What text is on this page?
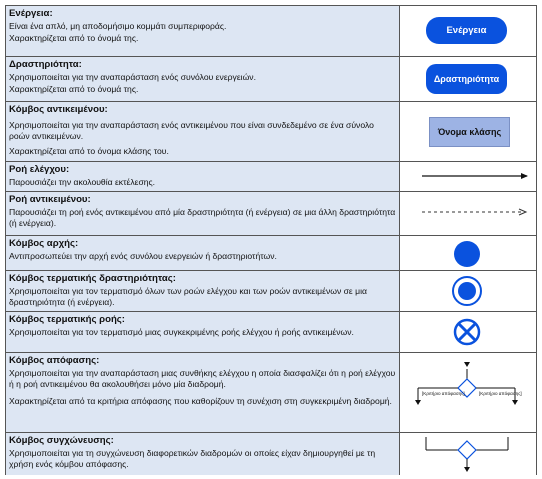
Ενέργεια:
Είναι ένα απλό, μη αποδομήσιμο κομμάτι συμπεριφοράς.
Χαρακτηρίζεται από το όνομά της.
Ενέργεια
Δραστηριότητα:
Χρησιμοποιείται για την αναπαράσταση ενός συνόλου ενεργειών.
Χαρακτηρίζεται από το όνομά της.
Δραστηριότητα
Κόμβος αντικειμένου:
Χρησιμοποιείται για την αναπαράσταση ενός αντικειμένου που είναι συνδεδεμένο σε ένα σύνολο ροών αντικειμένων.
Χαρακτηρίζεται από το όνομα κλάσης του.
Όνομα κλάσης
Ροή ελέγχου:
Παρουσιάζει την ακολουθία εκτέλεσης.
Ροή αντικειμένου:
Παρουσιάζει τη ροή ενός αντικειμένου από μία δραστηριότητα (ή ενέργεια) σε μια άλλη δραστηριότητα (ή ενέργεια).
Κόμβος αρχής:
Αντιπροσωπεύει την αρχή ενός συνόλου ενεργειών ή δραστηριοτήτων.
Κόμβος τερματικής δραστηριότητας:
Χρησιμοποιείται για τον τερματισμό όλων των ροών ελέγχου και των ροών αντικειμένων σε μια δραστηριότητα (ή ενέργεια).
Κόμβος τερματικής ροής:
Χρησιμοποιείται για τον τερματισμό μιας συγκεκριμένης ροής ελέγχου ή ροής αντικειμένων.
Κόμβος απόφασης:
Χρησιμοποιείται για την αναπαράσταση μιας συνθήκης ελέγχου η οποία διασφαλίζει ότι η ροή ελέγχου ή η ροή αντικειμένου θα ακολουθήσει μόνο μία διαδρομή.
Χαρακτηρίζεται από τα κριτήρια απόφασης που καθορίζουν τη συνέχιση στη συγκεκριμένη διαδρομή.
[Κριτήριο απόφασης]	[Κριτήριο απόφασης]
Κόμβος συγχώνευσης:
Χρησιμοποιείται για τη συγχώνευση διαφορετικών διαδρομών οι οποίες είχαν δημιουργηθεί με τη χρήση ενός κόμβου απόφασης.
